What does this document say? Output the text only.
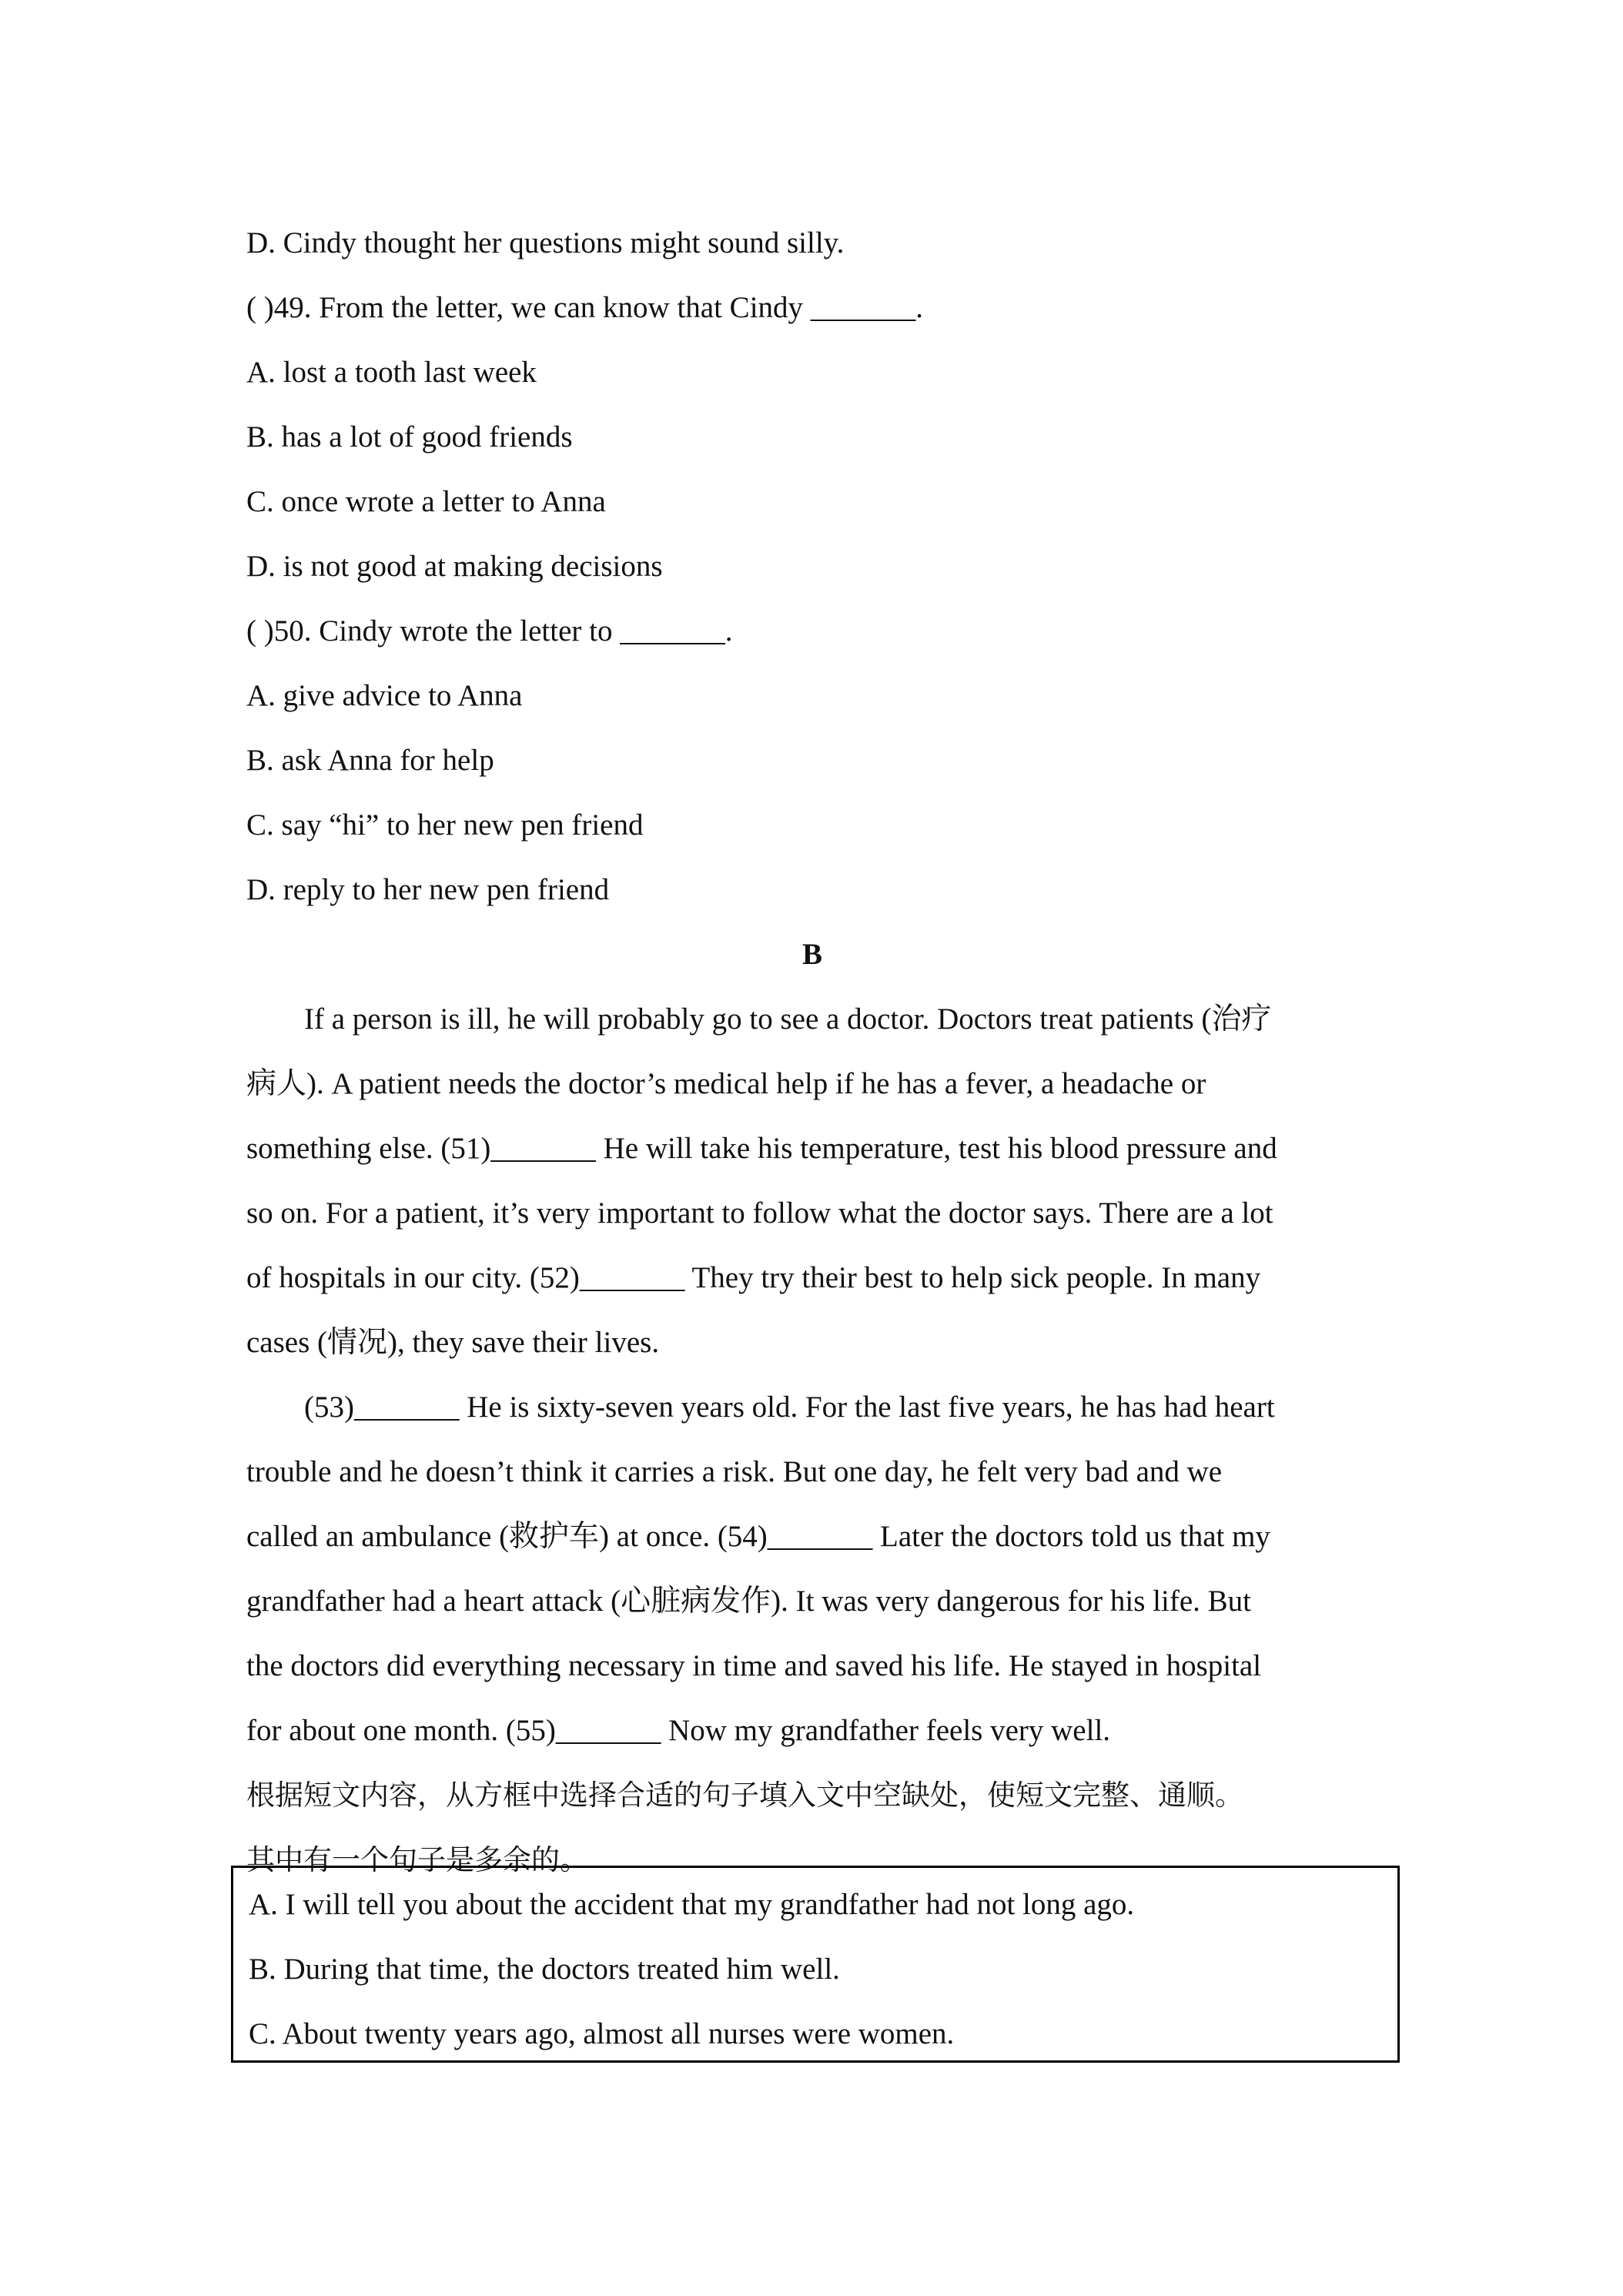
D. Cindy thought her questions might sound silly.
( )49. From the letter, we can know that Cindy _______.
A. lost a tooth last week
B. has a lot of good friends
C. once wrote a letter to Anna
D. is not good at making decisions
( )50. Cindy wrote the letter to _______.
A. give advice to Anna
B. ask Anna for help
C. say “hi” to her new pen friend
D. reply to her new pen friend
B
If a person is ill, he will probably go to see a doctor. Doctors treat patients (治疗
病人). A patient needs the doctor’s medical help if he has a fever, a headache or
something else. (51)_______ He will take his temperature, test his blood pressure and
so on. For a patient, it’s very important to follow what the doctor says. There are a lot
of hospitals in our city. (52)_______ They try their best to help sick people. In many
cases (情况), they save their lives.
(53)_______ He is sixty-seven years old. For the last five years, he has had heart
trouble and he doesn’t think it carries a risk. But one day, he felt very bad and we
called an ambulance (救护车) at once. (54)_______ Later the doctors told us that my
grandfather had a heart attack (心脏病发作). It was very dangerous for his life. But
the doctors did everything necessary in time and saved his life. He stayed in hospital
for about one month. (55)_______ Now my grandfather feels very well.
根据短文内容，从方框中选择合适的句子填入文中空缺处，使短文完整、通顺。
其中有一个句子是多余的。
A. I will tell you about the accident that my grandfather had not long ago.
B. During that time, the doctors treated him well.
C. About twenty years ago, almost all nurses were women.
